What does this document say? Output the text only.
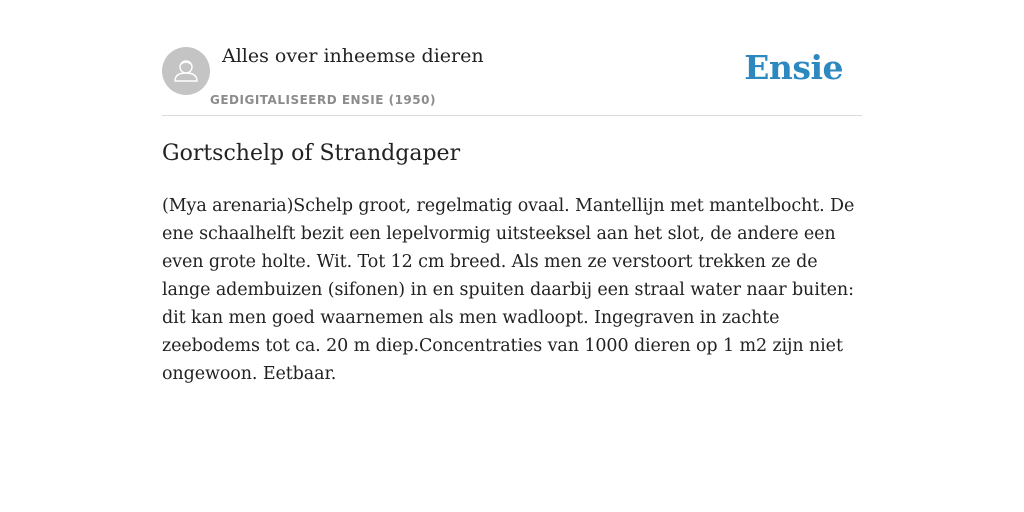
Alles over inheemse dieren
GEDIGITALISEERD ENSIE (1950)
Ensie
Gortschelp of Strandgaper

(Mya arenaria)Schelp groot, regelmatig ovaal. Mantellijn met mantelbocht. De ene schaalhelft bezit een lepelvormig uitsteeksel aan het slot, de andere een even grote holte. Wit. Tot 12 cm breed. Als men ze verstoort trekken ze de lange adembuizen (sifonen) in en spuiten daarbij een straal water naar buiten: dit kan men goed waarnemen als men wadloopt. Ingegraven in zachte zeebodems tot ca. 20 m diep.Concentraties van 1000 dieren op 1 m2 zijn niet ongewoon. Eetbaar.
